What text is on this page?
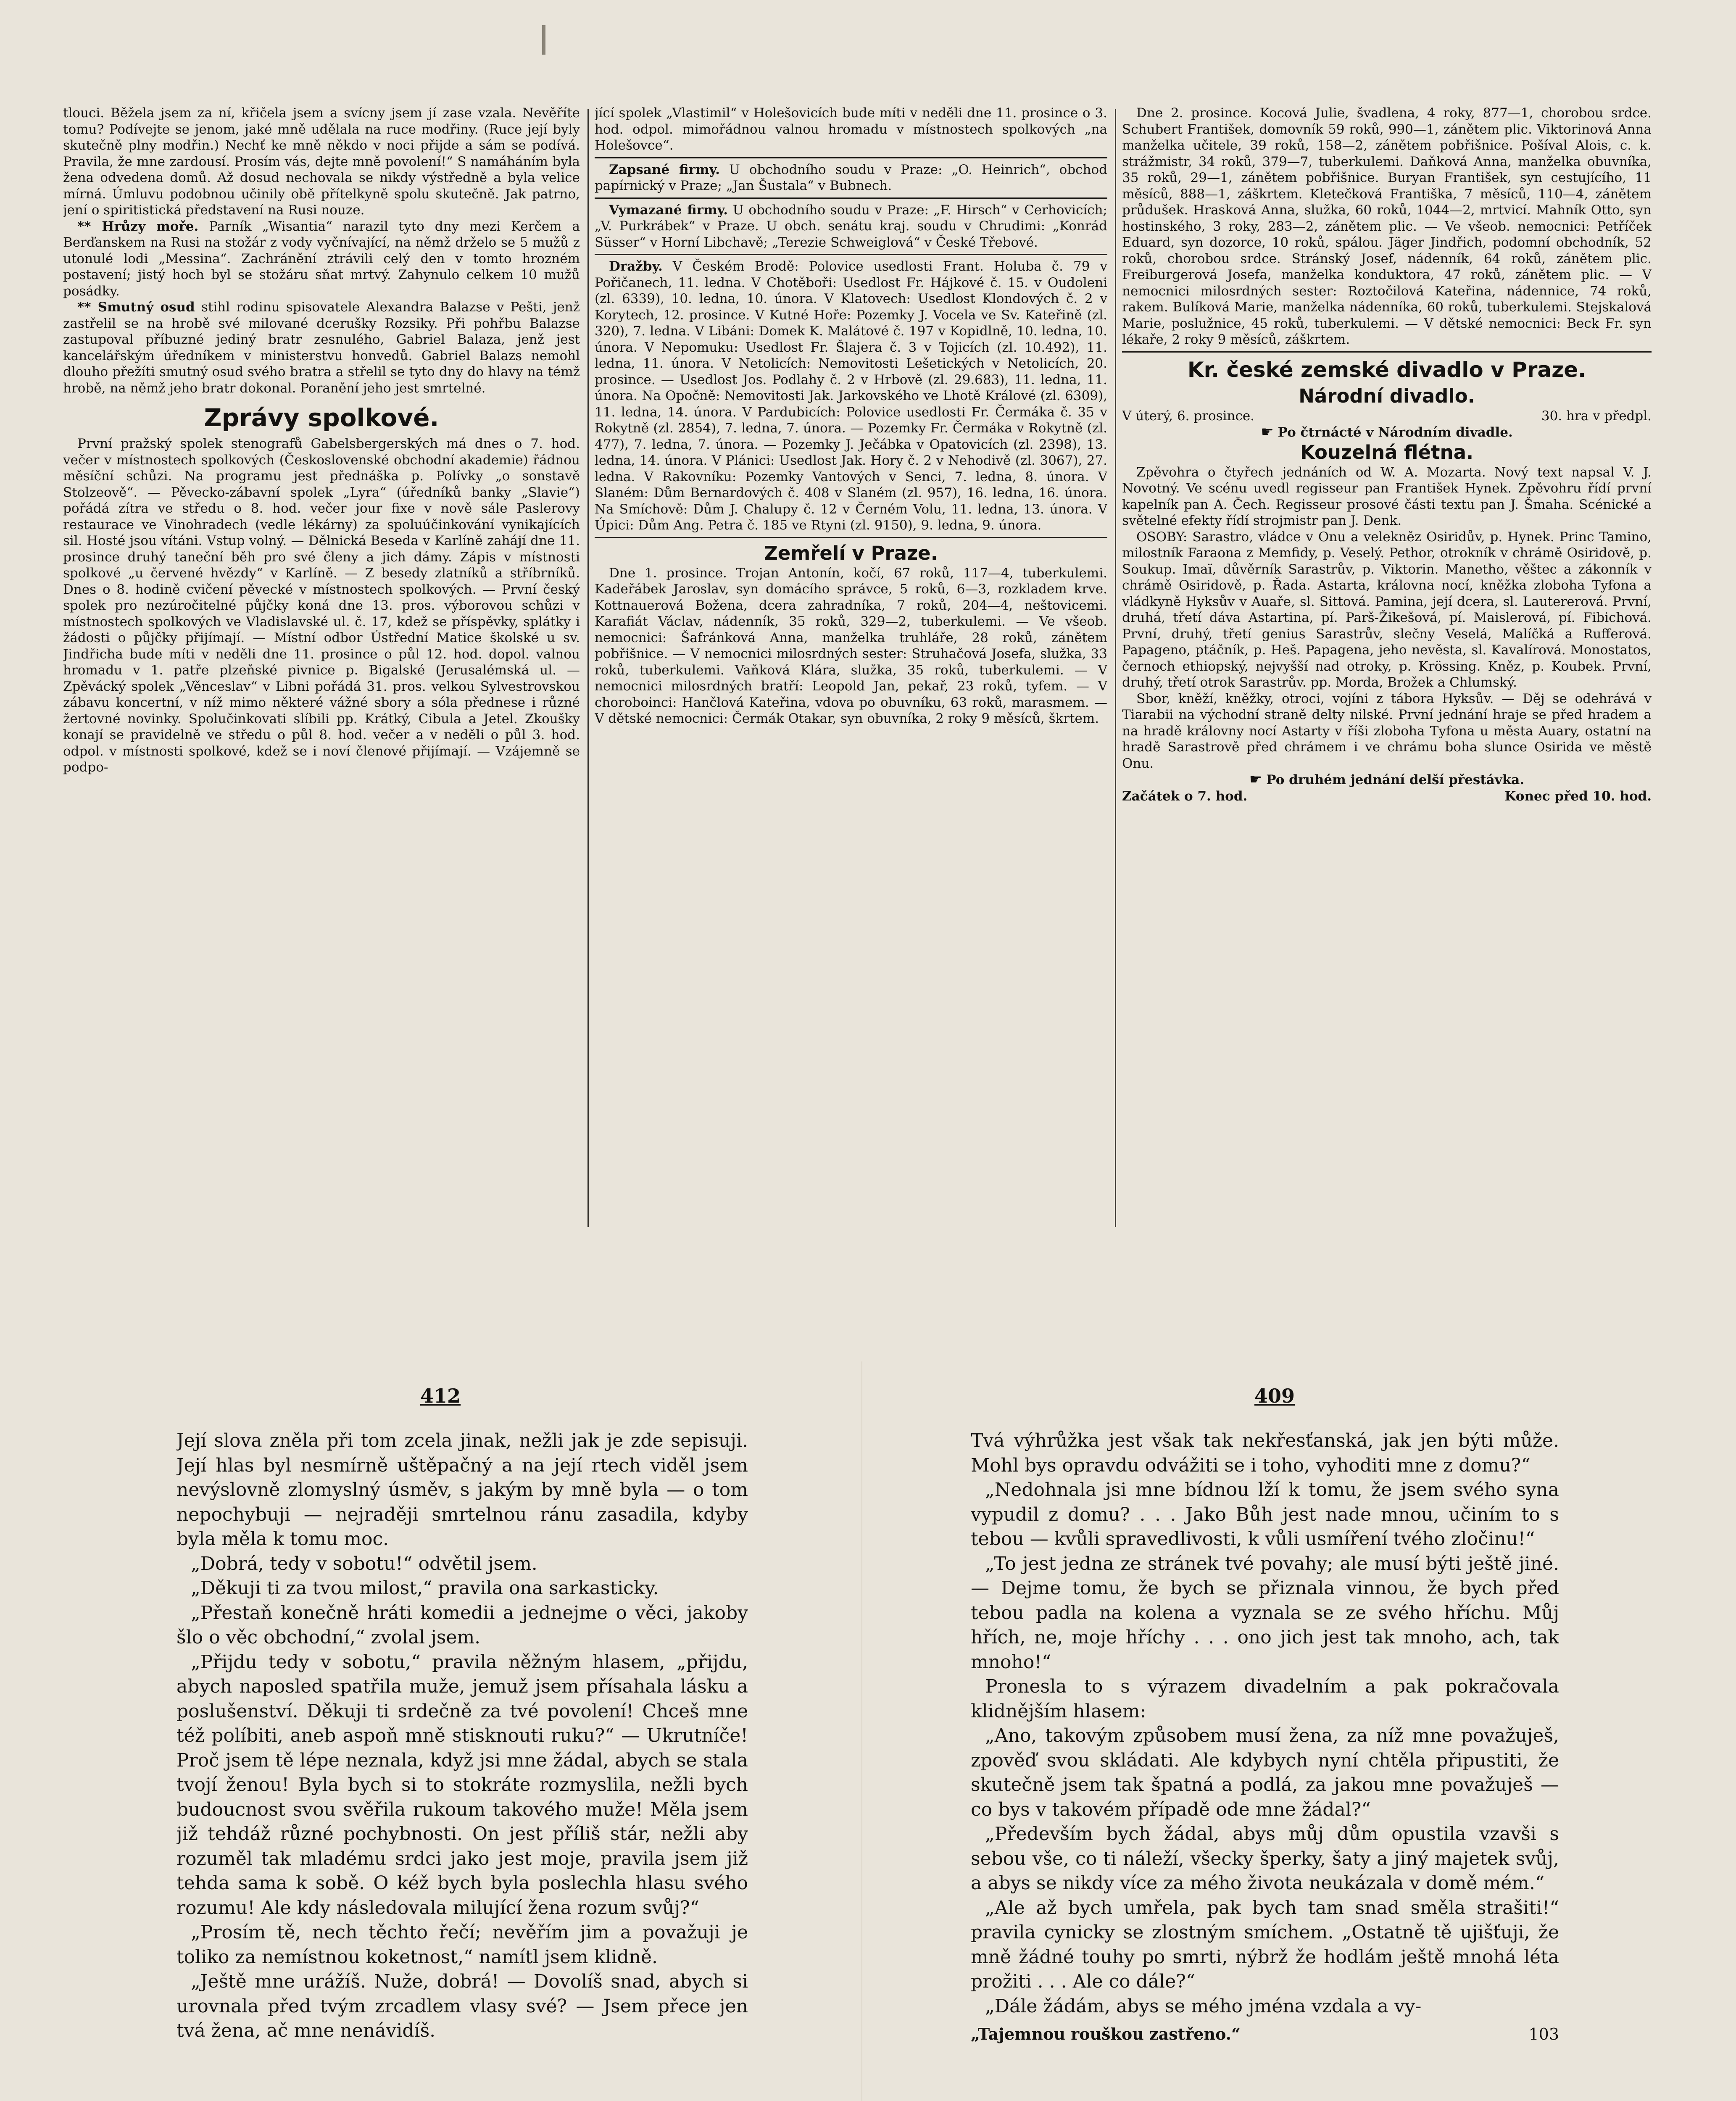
tlouci. Běžela jsem za ní, křičela jsem a svícny jsem jí zase vzala. Nevěříte tomu? Podívejte se jenom, jaké mně udělala na ruce modřiny. (Ruce její byly skutečně plny modřin.) Nechť ke mně někdo v noci přijde a sám se podívá. Pravila, že mne zardousí. Prosím vás, dejte mně povolení!“ S namáháním byla žena odvedena domů. Až dosud nechovala se nikdy výstředně a byla velice mírná. Úmluvu podobnou učinily obě přítelkyně spolu skutečně. Jak patrno, jení o spiritistická představení na Rusi nouze.

** Hrůzy moře. Parník „Wisantia“ narazil tyto dny mezi Kerčem a Berďanskem na Rusi na stožár z vody vyčnívající, na němž drželo se 5 mužů z utonulé lodi „Messina“. Zachránění ztrávili celý den v tomto hrozném postavení; jistý hoch byl se stožáru sňat mrtvý. Zahynulo celkem 10 mužů posádky.

** Smutný osud stihl rodinu spisovatele Alexandra Balazse v Pešti, jenž zastřelil se na hrobě své milované dcerušky Rozsiky. Při pohřbu Balazse zastupoval příbuzné jediný bratr zesnulého, Gabriel Balaza, jenž jest kancelářským úředníkem v ministerstvu honvedů. Gabriel Balazs nemohl dlouho přežíti smutný osud svého bratra a střelil se tyto dny do hlavy na témž hrobě, na němž jeho bratr dokonal. Poranění jeho jest smrtelné.

Zprávy spolkové.

První pražský spolek stenografů Gabelsbergerských má dnes o 7. hod. večer v místnostech spolkových (Československé obchodní akademie) řádnou měsíční schůzi. Na programu jest přednáška p. Polívky „o sonstavě Stolzeově“. — Pěvecko-zábavní spolek „Lyra“ (úředníků banky „Slavie“) pořádá zítra ve středu o 8. hod. večer jour fixe v nově sále Paslerovy restaurace ve Vinohradech (vedle lékárny) za spoluúčinkování vynikajících sil. Hosté jsou vítáni. Vstup volný. — Dělnická Beseda v Karlíně zahájí dne 11. prosince druhý taneční běh pro své členy a jich dámy. Zápis v místnosti spolkové „u červené hvězdy“ v Karlíně. — Z besedy zlatníků a stříbrníků. Dnes o 8. hodině cvičení pěvecké v místnostech spolkových. — První český spolek pro nezúročitelné půjčky koná dne 13. pros. výborovou schůzi v místnostech spolkových ve Vladislavské ul. č. 17, kdež se příspěvky, splátky i žádosti o půjčky přijímají. — Místní odbor Ústřední Matice školské u sv. Jindřicha bude míti v neděli dne 11. prosince o půl 12. hod. dopol. valnou hromadu v 1. patře plzeňské pivnice p. Bigalské (Jerusalémská ul. — Zpěvácký spolek „Věnceslav“ v Libni pořádá 31. pros. velkou Sylvestrovskou zábavu koncertní, v níž mimo některé vážné sbory a sóla přednese i různé žertovné novinky. Spolučinkovati slíbili pp. Krátký, Cibula a Jetel. Zkoušky konají se pravidelně ve středu o půl 8. hod. večer a v neděli o půl 3. hod. odpol. v místnosti spolkové, kdež se i noví členové přijímají. — Vzájemně se podpo-

jící spolek „Vlastimil“ v Holešovicích bude míti v neděli dne 11. prosince o 3. hod. odpol. mimořádnou valnou hromadu v místnostech spolkových „na Holešovce“.

Zapsané firmy. U obchodního soudu v Praze: „O. Heinrich“, obchod papírnický v Praze; „Jan Šustala“ v Bubnech.

Vymazané firmy. U obchodního soudu v Praze: „F. Hirsch“ v Cerhovicích; „V. Purkrábek“ v Praze. U obch. senátu kraj. soudu v Chrudimi: „Konrád Süsser“ v Horní Libchavě; „Terezie Schweiglová“ v České Třebové.

Dražby. V Českém Brodě: Polovice usedlosti Frant. Holuba č. 79 v Pořičanech, 11. ledna. V Chotěboři: Usedlost Fr. Hájkové č. 15. v Oudoleni (zl. 6339), 10. ledna, 10. února. V Klatovech: Usedlost Klondových č. 2 v Korytech, 12. prosince. V Kutné Hoře: Pozemky J. Vocela ve Sv. Kateřině (zl. 320), 7. ledna. V Libáni: Domek K. Malátové č. 197 v Kopidlně, 10. ledna, 10. února. V Nepomuku: Usedlost Fr. Šlajera č. 3 v Tojicích (zl. 10.492), 11. ledna, 11. února. V Netolicích: Nemovitosti Lešetických v Netolicích, 20. prosince. — Usedlost Jos. Podlahy č. 2 v Hrbově (zl. 29.683), 11. ledna, 11. února. Na Opočně: Nemovitosti Jak. Jarkovského ve Lhotě Králové (zl. 6309), 11. ledna, 14. února. V Pardubicích: Polovice usedlosti Fr. Čermáka č. 35 v Rokytně (zl. 2854), 7. ledna, 7. února. — Pozemky Fr. Čermáka v Rokytně (zl. 477), 7. ledna, 7. února. — Pozemky J. Ječábka v Opatovicích (zl. 2398), 13. ledna, 14. února. V Plánici: Usedlost Jak. Hory č. 2 v Nehodivě (zl. 3067), 27. ledna. V Rakovníku: Pozemky Vantových v Senci, 7. ledna, 8. února. V Slaném: Dům Bernardových č. 408 v Slaném (zl. 957), 16. ledna, 16. února. Na Smíchově: Dům J. Chalupy č. 12 v Černém Volu, 11. ledna, 13. února. V Úpici: Dům Ang. Petra č. 185 ve Rtyni (zl. 9150), 9. ledna, 9. února.

Zemřelí v Praze.

Dne 1. prosince. Trojan Antonín, kočí, 67 roků, 117—4, tuberkulemi. Kadeřábek Jaroslav, syn domácího správce, 5 roků, 6—3, rozkladem krve. Kottnauerová Božena, dcera zahradníka, 7 roků, 204—4, neštovicemi. Karafiát Václav, nádenník, 35 roků, 329—2, tuberkulemi. — Ve všeob. nemocnici: Šafránková Anna, manželka truhláře, 28 roků, zánětem pobřišnice. — V nemocnici milosrdných sester: Struhačová Josefa, služka, 33 roků, tuberkulemi. Vaňková Klára, služka, 35 roků, tuberkulemi. — V nemocnici milosrdných bratří: Leopold Jan, pekař, 23 roků, tyfem. — V choroboinci: Hančlová Kateřina, vdova po obuvníku, 63 roků, marasmem. — V dětské nemocnici: Čermák Otakar, syn obuvníka, 2 roky 9 měsíců, škrtem.

Dne 2. prosince. Kocová Julie, švadlena, 4 roky, 877—1, chorobou srdce. Schubert František, domovník 59 roků, 990—1, zánětem plic. Viktorinová Anna manželka učitele, 39 roků, 158—2, zánětem pobřišnice. Pošíval Alois, c. k. strážmistr, 34 roků, 379—7, tuberkulemi. Daňková Anna, manželka obuvníka, 35 roků, 29—1, zánětem pobřišnice. Buryan František, syn cestujícího, 11 měsíců, 888—1, záškrtem. Kletečková Františka, 7 měsíců, 110—4, zánětem průdušek. Hrasková Anna, služka, 60 roků, 1044—2, mrtvicí. Mahník Otto, syn hostinského, 3 roky, 283—2, zánětem plic. — Ve všeob. nemocnici: Petříček Eduard, syn dozorce, 10 roků, spálou. Jäger Jindřich, podomní obchodník, 52 roků, chorobou srdce. Stránský Josef, nádenník, 64 roků, zánětem plic. Freiburgerová Josefa, manželka konduktora, 47 roků, zánětem plic. — V nemocnici milosrdných sester: Roztočilová Kateřina, nádennice, 74 roků, rakem. Bulíková Marie, manželka nádenníka, 60 roků, tuberkulemi. Stejskalová Marie, poslužnice, 45 roků, tuberkulemi. — V dětské nemocnici: Beck Fr. syn lékaře, 2 roky 9 měsíců, záškrtem.

Kr. české zemské divadlo v Praze.
Národní divadlo.
V úterý, 6. prosince.	30. hra v předpl.
☛ Po čtrnácté v Národním divadle.
Kouzelná flétna.

Zpěvohra o čtyřech jednáních od W. A. Mozarta. Nový text napsal V. J. Novotný. Ve scénu uvedl regisseur pan František Hynek. Zpěvohru řídí první kapelník pan A. Čech. Regisseur prosové části textu pan J. Šmaha. Scénické a světelné efekty řídí strojmistr pan J. Denk.

OSOBY: Sarastro, vládce v Onu a velekněz Osiridův, p. Hynek. Princ Tamino, milostník Faraona z Memfidy, p. Veselý. Pethor, otrokník v chrámě Osiridově, p. Soukup. Imaï, důvěrník Sarastrův, p. Viktorin. Manetho, věštec a zákonník v chrámě Osiridově, p. Řada. Astarta, královna nocí, kněžka zloboha Tyfona a vládkyně Hyksův v Auaře, sl. Sittová. Pamina, její dcera, sl. Lautererová. První, druhá, třetí dáva Astartina, pí. Parš-Žikešová, pí. Maislerová, pí. Fibichová. První, druhý, třetí genius Sarastrův, slečny Veselá, Malíčká a Rufferová. Papageno, ptáčník, p. Heš. Papagena, jeho nevěsta, sl. Kavalírová. Monostatos, černoch ethiopský, nejvyšší nad otroky, p. Krössing. Kněz, p. Koubek. První, druhý, třetí otrok Sarastrův. pp. Morda, Brožek a Chlumský.

Sbor, kněží, kněžky, otroci, vojíni z tábora Hyksův. — Děj se odehrává v Tiarabii na východní straně delty nilské. První jednání hraje se před hradem a na hradě královny nocí Astarty v říši zloboha Tyfona u města Auary, ostatní na hradě Sarastrově před chrámem i ve chrámu boha slunce Osirida ve městě Onu.

☛ Po druhém jednání delší přestávka.
Začátek o 7. hod.	Konec před 10. hod.
412	409

Její slova zněla při tom zcela jinak, nežli jak je zde sepisuji. Její hlas byl nesmírně uštěpačný a na její rtech viděl jsem nevýslovně zlomyslný úsměv, s jakým by mně byla — o tom nepochybuji — nejraději smrtelnou ránu zasadila, kdyby byla měla k tomu moc.

„Dobrá, tedy v sobotu!“ odvětil jsem.

„Děkuji ti za tvou milost,“ pravila ona sarkasticky.

„Přestaň konečně hráti komedii a jednejme o věci, jakoby šlo o věc obchodní,“ zvolal jsem.

„Přijdu tedy v sobotu,“ pravila něžným hlasem, „přijdu, abych naposled spatřila muže, jemuž jsem přísahala lásku a poslušenství. Děkuji ti srdečně za tvé povolení! Chceš mne též políbiti, aneb aspoň mně stisknouti ruku?“ — Ukrutníče! Proč jsem tě lépe neznala, když jsi mne žádal, abych se stala tvojí ženou! Byla bych si to stokráte rozmyslila, nežli bych budoucnost svou svěřila rukoum takového muže! Měla jsem již tehdáž různé pochybnosti. On jest příliš stár, nežli aby rozuměl tak mladému srdci jako jest moje, pravila jsem již tehda sama k sobě. O kéž bych byla poslechla hlasu svého rozumu! Ale kdy následovala milující žena rozum svůj?“

„Prosím tě, nech těchto řečí; nevěřím jim a považuji je toliko za nemístnou koketnost,“ namítl jsem klidně.

„Ještě mne urážíš. Nuže, dobrá! — Dovolíš snad, abych si urovnala před tvým zrcadlem vlasy své? — Jsem přece jen tvá žena, ač mne nenávidíš.

Tvá výhrůžka jest však tak nekřesťanská, jak jen býti může. Mohl bys opravdu odvážiti se i toho, vyhoditi mne z domu?“

„Nedohnala jsi mne bídnou lží k tomu, že jsem svého syna vypudil z domu? . . . Jako Bůh jest nade mnou, učiním to s tebou — kvůli spravedlivosti, k vůli usmíření tvého zločinu!“

„To jest jedna ze stránek tvé povahy; ale musí býti ještě jiné. — Dejme tomu, že bych se přiznala vinnou, že bych před tebou padla na kolena a vyznala se ze svého hříchu. Můj hřích, ne, moje hříchy . . . ono jich jest tak mnoho, ach, tak mnoho!“

Pronesla to s výrazem divadelním a pak pokračovala klidnějším hlasem:

„Ano, takovým způsobem musí žena, za níž mne považuješ, zpověď svou skládati. Ale kdybych nyní chtěla připustiti, že skutečně jsem tak špatná a podlá, za jakou mne považuješ — co bys v takovém případě ode mne žádal?“

„Především bych žádal, abys můj dům opustila vzavši s sebou vše, co ti náleží, všecky šperky, šaty a jiný majetek svůj, a abys se nikdy více za mého života neukázala v domě mém.“

„Ale až bych umřela, pak bych tam snad směla strašiti!“ pravila cynicky se zlostným smíchem. „Ostatně tě ujišťuji, že mně žádné touhy po smrti, nýbrž že hodlám ještě mnohá léta prožiti . . . Ale co dále?“

„Dále žádám, abys se mého jména vzdala a vy-

„Tajemnou rouškou zastřeno.“	103
